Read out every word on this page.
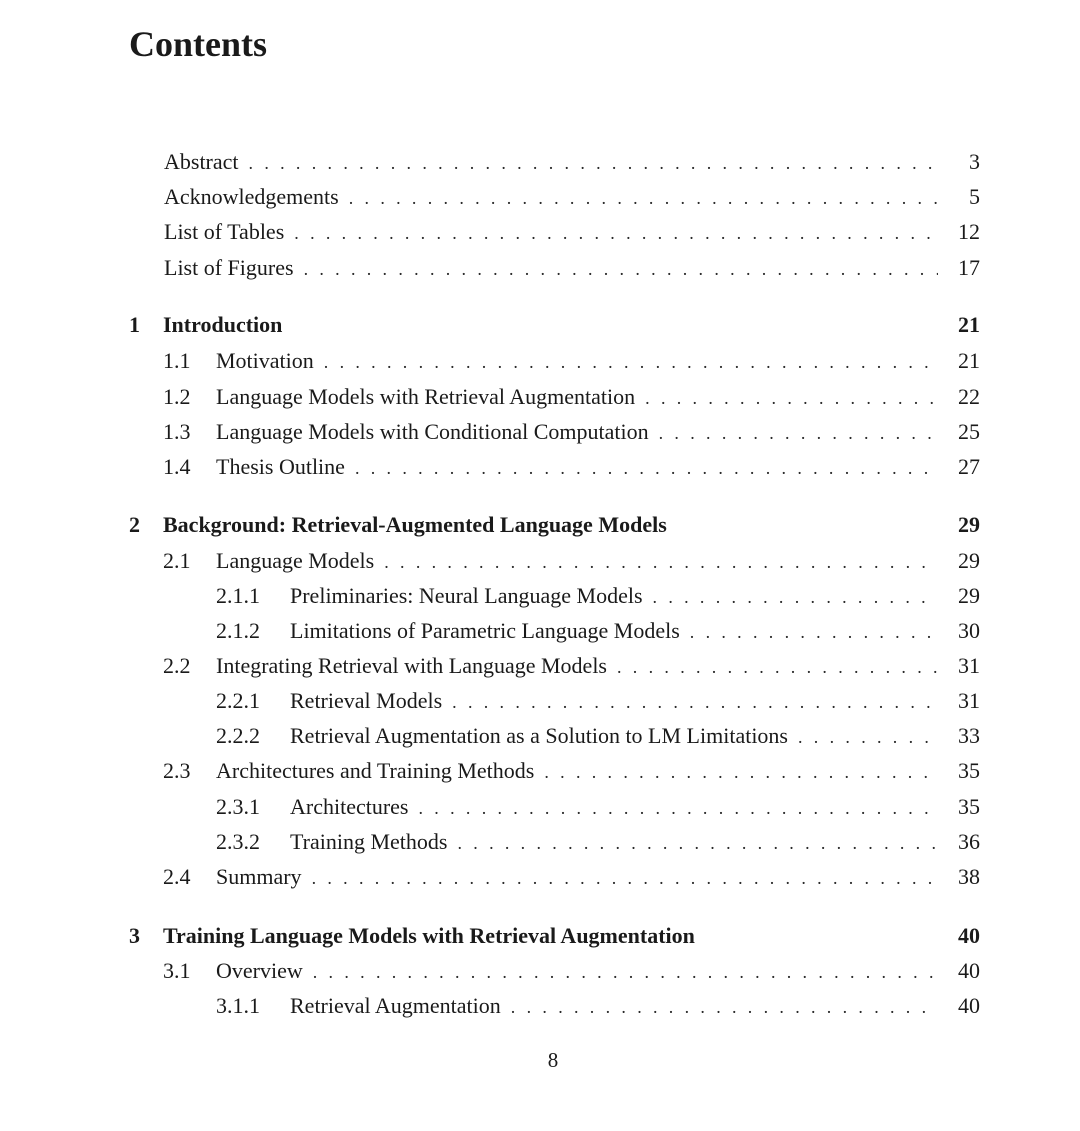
Contents
Abstract . . .	3
Acknowledgements . . .	5
List of Tables . . .	12
List of Figures . . .	17
1	Introduction	21
1.1	Motivation . . .	21
1.2	Language Models with Retrieval Augmentation . . .	22
1.3	Language Models with Conditional Computation . . .	25
1.4	Thesis Outline . . .	27
2	Background: Retrieval-Augmented Language Models	29
2.1	Language Models . . .	29
2.1.1	Preliminaries: Neural Language Models . . .	29
2.1.2	Limitations of Parametric Language Models . . .	30
2.2	Integrating Retrieval with Language Models . . .	31
2.2.1	Retrieval Models . . .	31
2.2.2	Retrieval Augmentation as a Solution to LM Limitations . . .	33
2.3	Architectures and Training Methods . . .	35
2.3.1	Architectures . . .	35
2.3.2	Training Methods . . .	36
2.4	Summary . . .	38
3	Training Language Models with Retrieval Augmentation	40
3.1	Overview . . .	40
3.1.1	Retrieval Augmentation . . .	40
8
